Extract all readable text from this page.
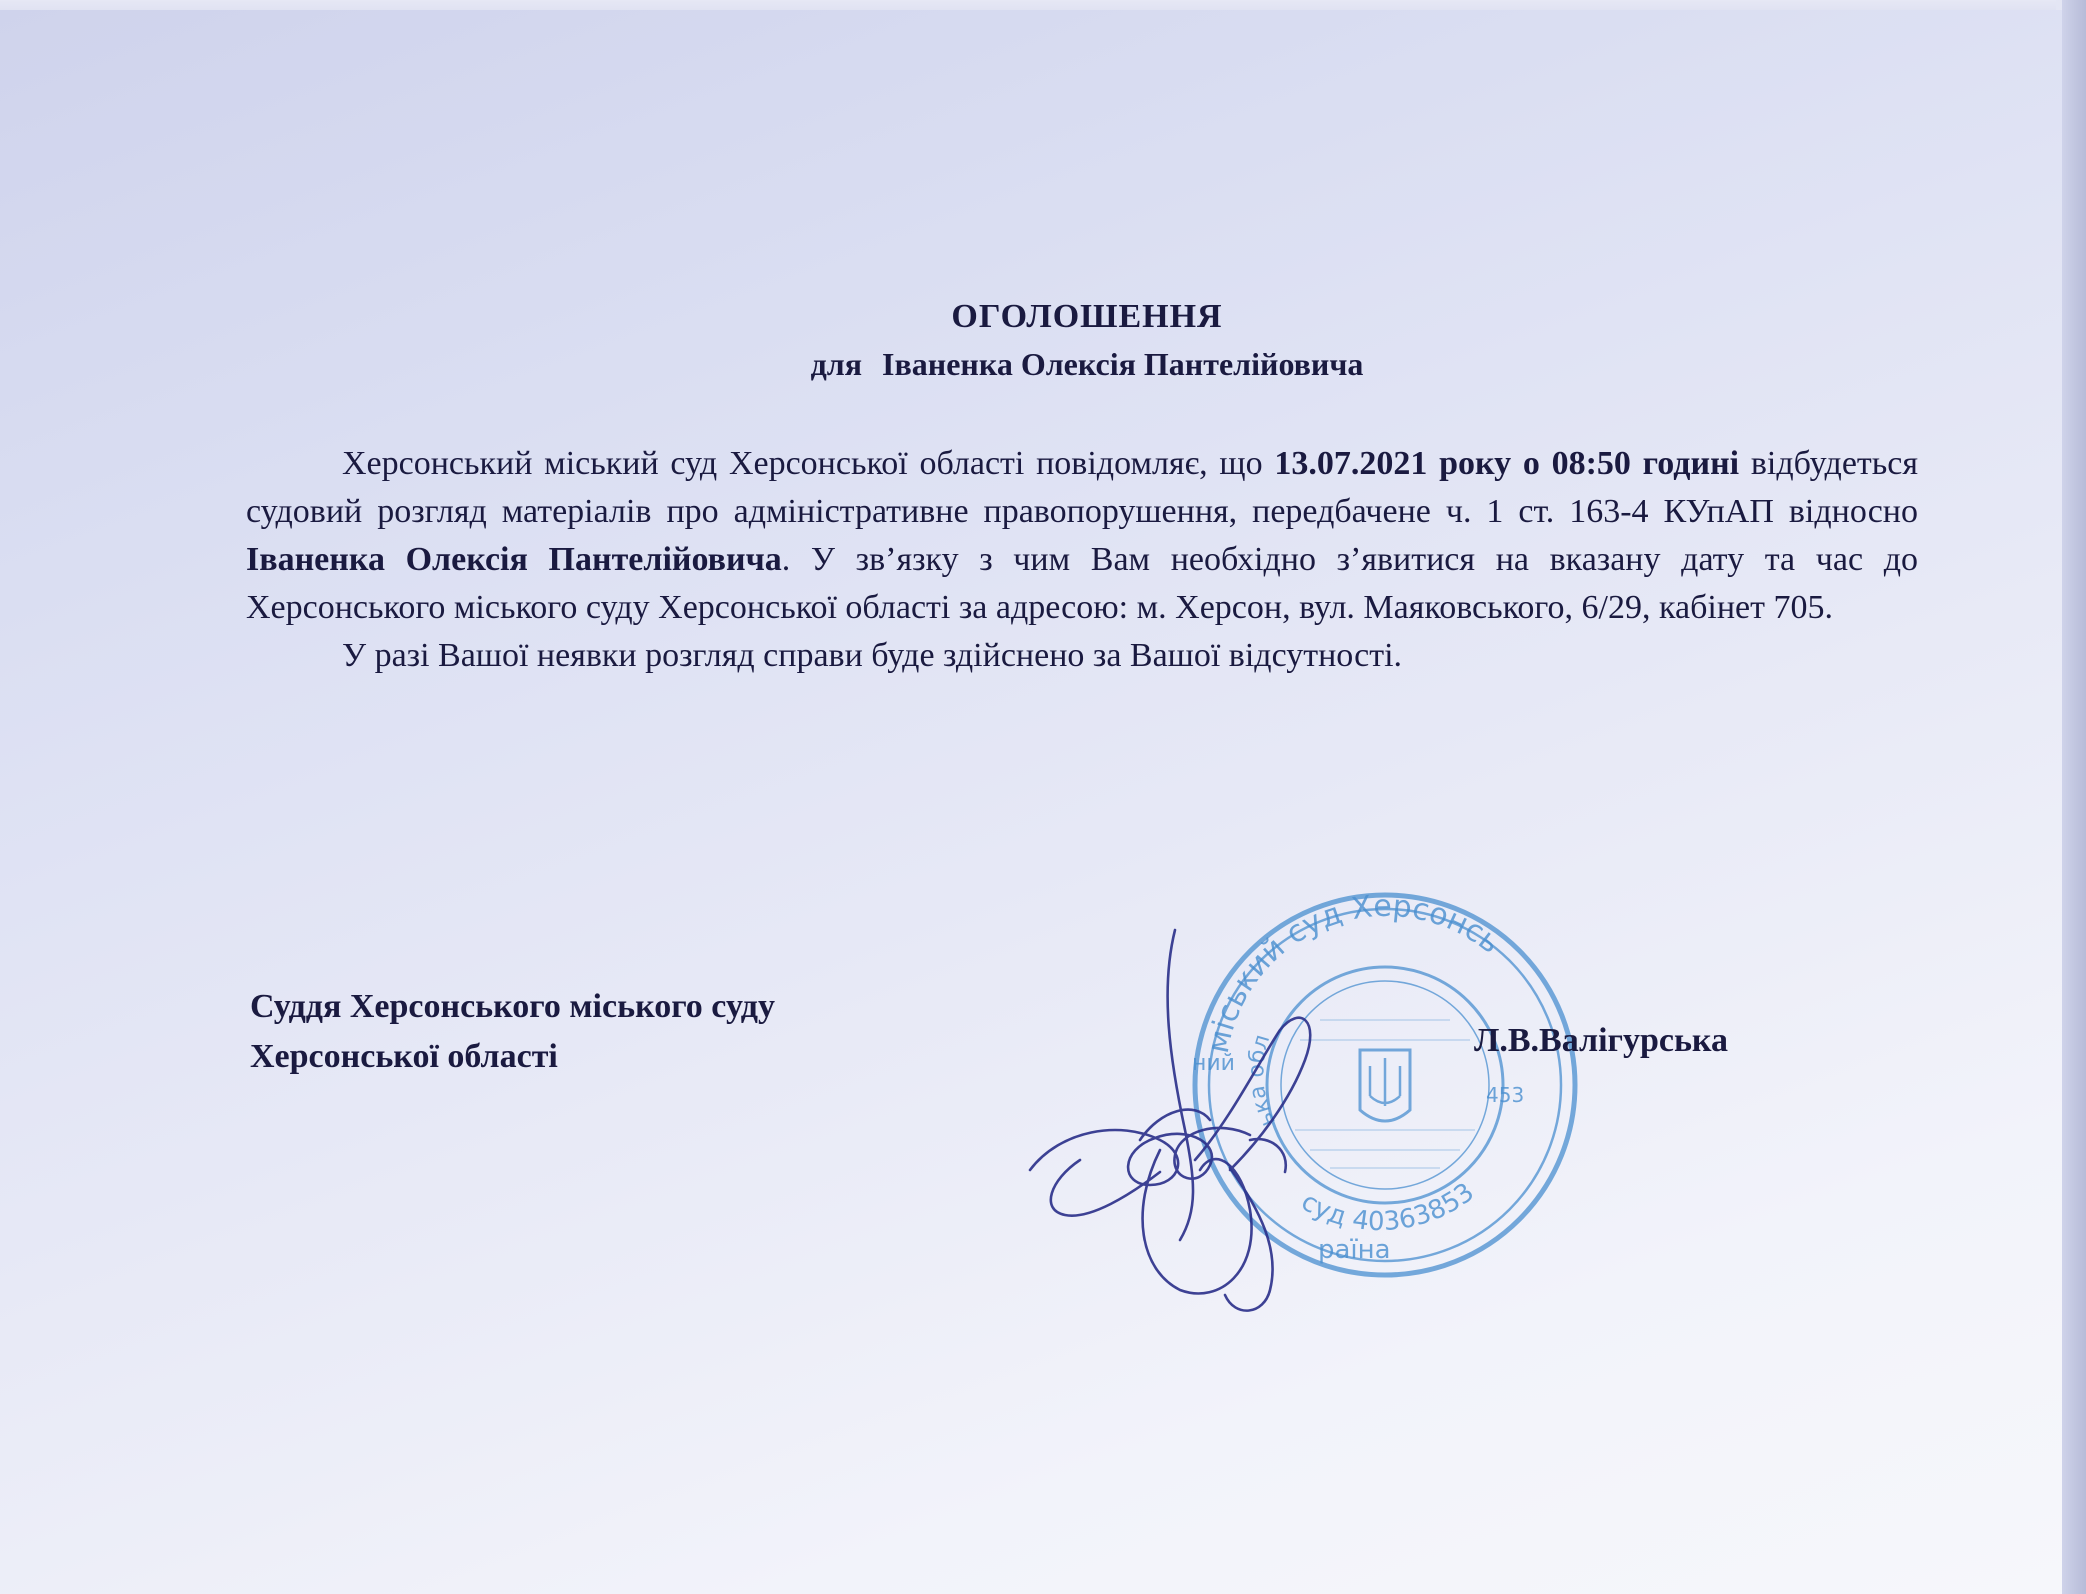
ОГОЛОШЕННЯ
для Іваненка Олексія Пантелійовича

Херсонський міський суд Херсонської області повідомляє, що 13.07.2021 року о 08:50 годині відбудеться судовий розгляд матеріалів про адміністративне правопорушення, передбачене ч. 1 ст. 163-4 КУпАП відносно Іваненка Олексія Пантелійовича. У зв’язку з чим Вам необхідно з’явитися на вказану дату та час до Херсонського міського суду Херсонської області за адресою: м. Херсон, вул. Маяковського, 6/29, кабінет 705.

У разі Вашої неявки розгляд справи буде здійснено за Вашої відсутності.

Суддя Херсонського міського суду
Херсонської області	міський суд Херсонсь
суд 40363853
ька обл
раїна
ний
453
Л.В.Валігурська
